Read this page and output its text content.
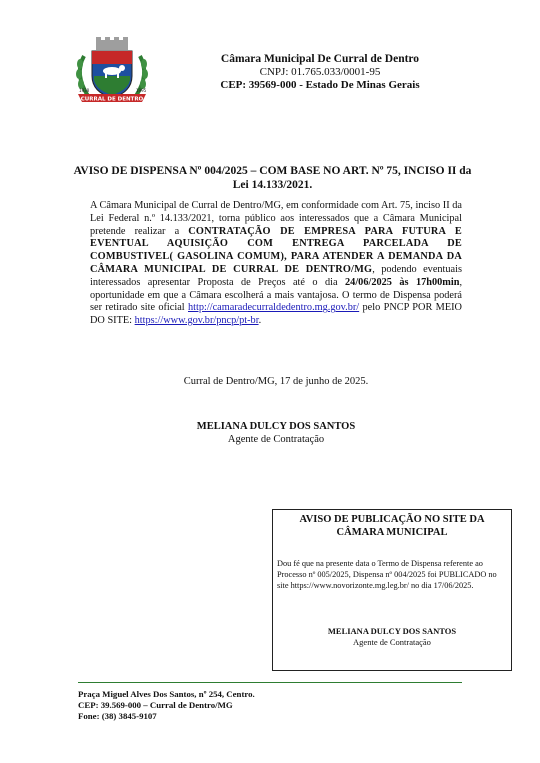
CURRAL DE DENTRO
1938	1995
Câmara Municipal De Curral de Dentro
CNPJ: 01.765.033/0001-95
CEP: 39569-000 - Estado De Minas Gerais
AVISO DE DISPENSA Nº 004/2025 – COM BASE NO ART. Nº 75, INCISO II da
Lei 14.133/2021.
A Câmara Municipal de Curral de Dentro/MG, em conformidade com Art. 75, inciso II da Lei Federal n.º 14.133/2021, torna público aos interessados que a Câmara Municipal pretende realizar a CONTRATAÇÃO DE EMPRESA PARA FUTURA E EVENTUAL AQUISIÇÃO COM ENTREGA PARCELADA DE COMBUSTIVEL( GASOLINA COMUM), PARA ATENDER A DEMANDA DA CÂMARA MUNICIPAL DE CURRAL DE DENTRO/MG, podendo eventuais interessados apresentar Proposta de Preços até o dia 24/06/2025 às 17h00min, oportunidade em que a Câmara escolherá a mais vantajosa. O termo de Dispensa poderá ser retirado site oficial http://camaradecurraldedentro.mg.gov.br/ pelo PNCP POR MEIO DO SITE: https://www.gov.br/pncp/pt-br.
Curral de Dentro/MG, 17 de junho de 2025.
MELIANA DULCY DOS SANTOS
Agente de Contratação
AVISO DE PUBLICAÇÃO NO SITE DA
CÂMARA MUNICIPAL
Dou fé que na presente data o Termo de Dispensa referente ao Processo nº 005/2025, Dispensa nº 004/2025 foi PUBLICADO no site https://www.novorizonte.mg.leg.br/ no dia 17/06/2025.
MELIANA DULCY DOS SANTOS
Agente de Contratação
Praça Miguel Alves Dos Santos, nº 254, Centro.
CEP: 39.569-000 – Curral de Dentro/MG
Fone: (38) 3845-9107
